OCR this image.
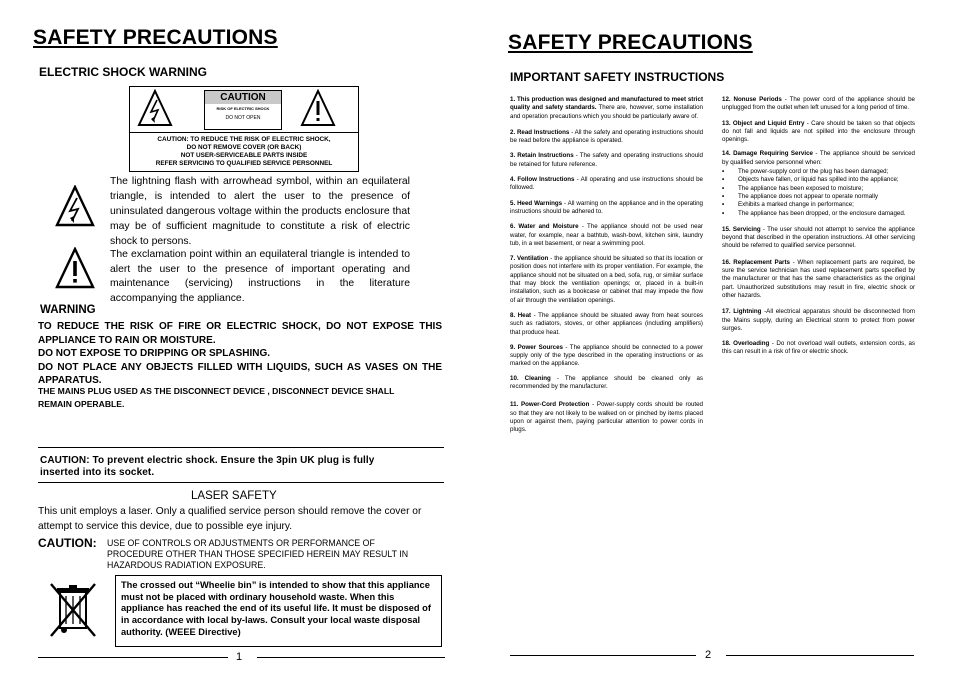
SAFETY PRECAUTIONS
ELECTRIC SHOCK WARNING
CAUTION
RISK OF ELECTRIC SHOCK
DO NOT OPEN
CAUTION: TO REDUCE THE RISK OF ELECTRIC SHOCK,
DO NOT REMOVE COVER (OR BACK)
NOT USER-SERVICEABLE PARTS INSIDE
REFER SERVICING TO QUALIFIED SERVICE PERSONNEL
The lightning flash with arrowhead symbol, within an equilateral triangle, is intended to alert the user to the presence of uninsulated dangerous voltage within the products enclosure that may be of sufficient magnitude to constitute a risk of electric shock to persons.
The exclamation point within an equilateral triangle is intended to alert the user to the presence of important operating and maintenance (servicing) instructions in the literature accompanying the appliance.
WARNING
TO REDUCE THE RISK OF FIRE OR ELECTRIC SHOCK, DO NOT EXPOSE THIS APPLIANCE TO RAIN OR MOISTURE.
DO NOT EXPOSE TO DRIPPING OR SPLASHING.
DO NOT PLACE ANY OBJECTS FILLED WITH LIQUIDS, SUCH AS VASES ON THE APPARATUS.
THE MAINS PLUG USED AS THE DISCONNECT DEVICE , DISCONNECT DEVICE SHALL REMAIN OPERABLE.
CAUTION: To prevent electric shock. Ensure the 3pin UK plug is fully inserted into its socket.
LASER SAFETY
This unit employs a laser. Only a qualified service person should remove the cover or attempt to service this device, due to possible eye injury.
CAUTION: USE OF CONTROLS OR ADJUSTMENTS OR PERFORMANCE OF PROCEDURE OTHER THAN THOSE SPECIFIED HEREIN MAY RESULT IN HAZARDOUS RADIATION EXPOSURE.
The crossed out “Wheelie bin” is intended to show that this appliance must not be placed with ordinary household waste. When this appliance has reached the end of its useful life. It must be disposed of in accordance with local by-laws. Consult your local waste disposal authority. (WEEE Directive)
1
SAFETY PRECAUTIONS
IMPORTANT SAFETY INSTRUCTIONS
1. This production was designed and manufactured to meet strict quality and safety standards. There are, however, some installation and operation precautions which you should be particularly aware of.
2. Read Instructions - All the safety and operating instructions should be read before the appliance is operated.
3. Retain Instructions - The safety and operating instructions should be retained for future reference.
4. Follow Instructions - All operating and use instructions should be followed.
5. Heed Warnings - All warning on the appliance and in the operating instructions should be adhered to.
6. Water and Moisture - The appliance should not be used near water, for example, near a bathtub, wash-bowl, kitchen sink, laundry tub, in a wet basement, or near a swimming pool.
7. Ventilation - the appliance should be situated so that its location or position does not interfere with its proper ventilation. For example, the appliance should not be situated on a bed, sofa, rug, or similar surface that may block the ventilation openings; or, placed in a built-in installation, such as a bookcase or cabinet that may impede the flow of air through the ventilation openings.
8. Heat - The appliance should be situated away from heat sources such as radiators, stoves, or other appliances (including amplifiers) that produce heat.
9. Power Sources - The appliance should be connected to a power supply only of the type described in the operating instructions or as marked on the appliance.
10. Cleaning - The appliance should be cleaned only as recommended by the manufacturer.
11. Power-Cord Protection - Power-supply cords should be routed so that they are not likely to be walked on or pinched by items placed upon or against them, paying particular attention to power cords in plugs.
12. Nonuse Periods - The power cord of the appliance should be unplugged from the outlet when left unused for a long period of time.
13. Object and Liquid Entry - Care should be taken so that objects do not fall and liquids are not spilled into the enclosure through openings.
14. Damage Requiring Service - The appliance should be serviced by qualified service personnel when:
•	The power-supply cord or the plug has been damaged;
•	Objects have fallen, or liquid has spilled into the appliance;
•	The appliance has been exposed to moisture;
•	The appliance does not appear to operate normally
•	Exhibits a marked change in performance;
•	The appliance has been dropped, or the enclosure damaged.
15. Servicing - The user should not attempt to service the appliance beyond that described in the operation instructions. All other servicing should be referred to qualified service personnel.
16. Replacement Parts - When replacement parts are required, be sure the service technician has used replacement parts specified by the manufacturer or that has the same characteristics as the original part. Unauthorized substitutions may result in fire, electric shock or other hazards.
17. Lightning -All electrical apparatus should be disconnected from the Mains supply, during an Electrical storm to protect from power surges.
18. Overloading - Do not overload wall outlets, extension cords, as this can result in a risk of fire or electric shock.
2
